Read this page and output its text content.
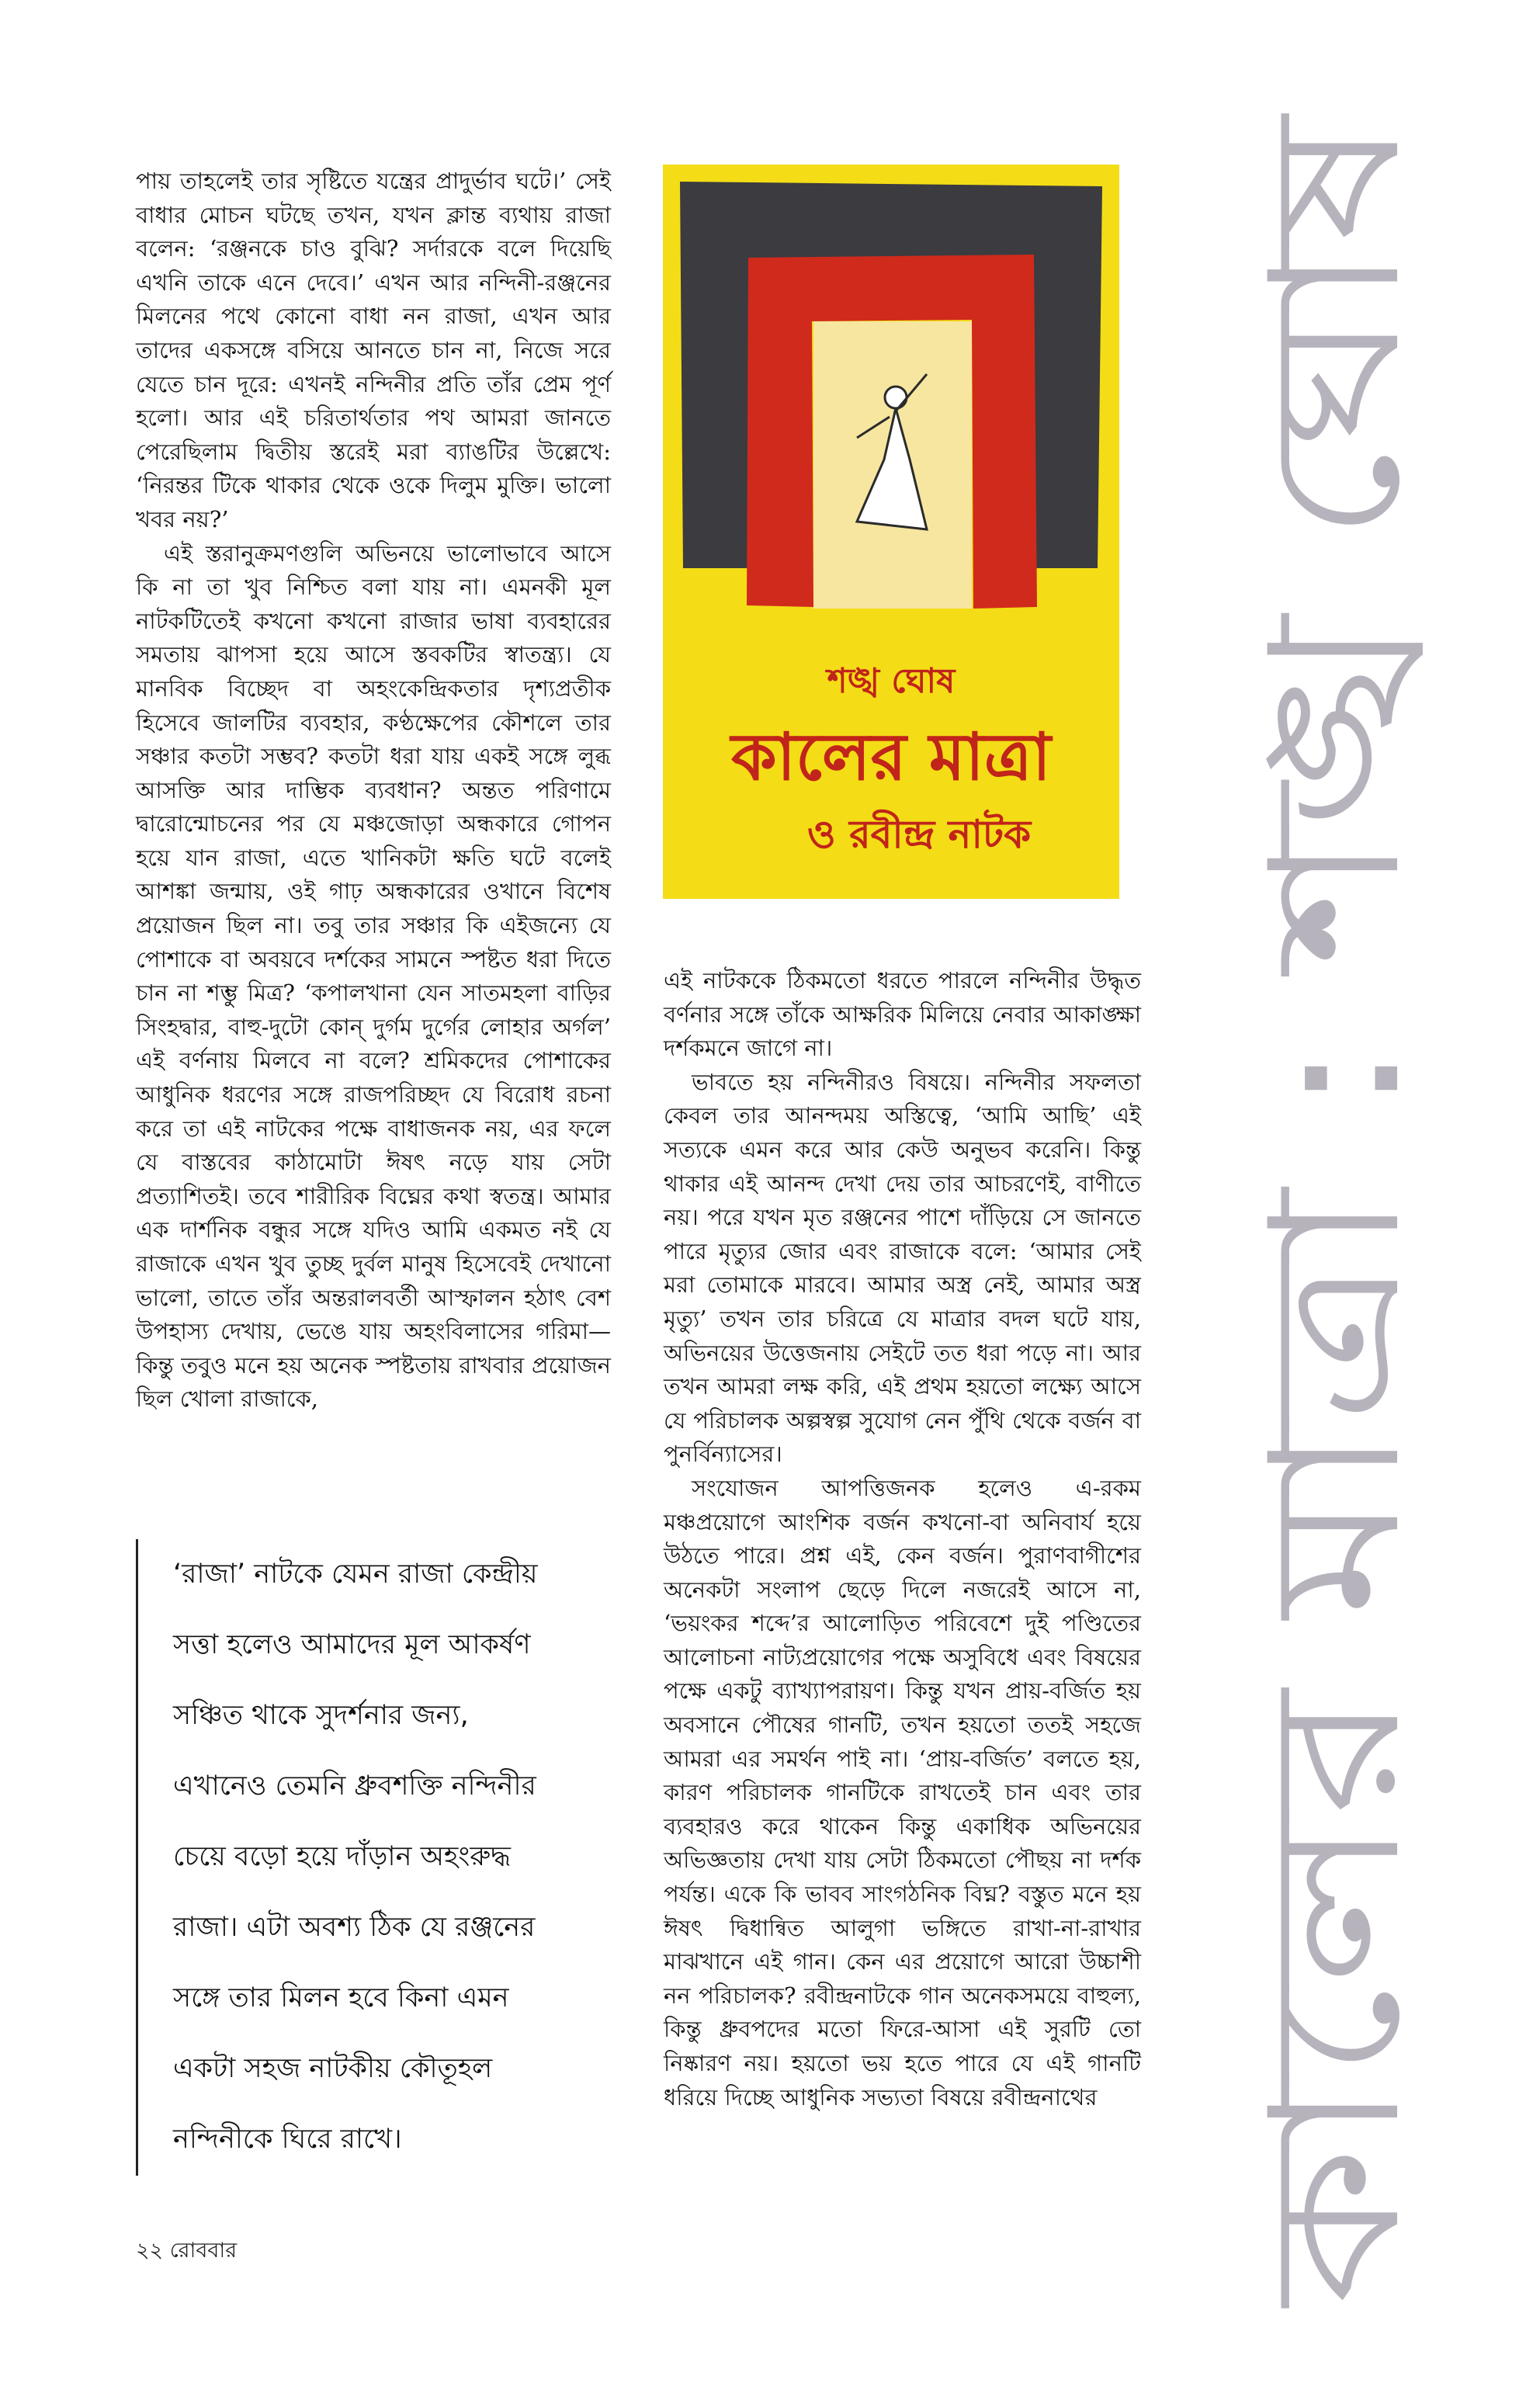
পায় তাহলেই তার সৃষ্টিতে যন্ত্রের প্রাদুর্ভাব ঘটে।’ সেই বাধার মোচন ঘটছে তখন, যখন ক্লান্ত ব্যথায় রাজা বলেন: ‘রঞ্জনকে চাও বুঝি? সর্দারকে বলে দিয়েছি এখনি তাকে এনে দেবে।’ এখন আর নন্দিনী-রঞ্জনের মিলনের পথে কোনো বাধা নন রাজা, এখন আর তাদের একসঙ্গে বসিয়ে আনতে চান না, নিজে সরে যেতে চান দূরে: এখনই নন্দিনীর প্রতি তাঁর প্রেম পূর্ণ হলো। আর এই চরিতার্থতার পথ আমরা জানতে পেরেছিলাম দ্বিতীয় স্তরেই মরা ব্যাঙটির উল্লেখে: ‘নিরন্তর টিকে থাকার থেকে ওকে দিলুম মুক্তি। ভালো খবর নয়?’

এই স্তরানুক্রমণগুলি অভিনয়ে ভালোভাবে আসে কি না তা খুব নিশ্চিত বলা যায় না। এমনকী মূল নাটকটিতেই কখনো কখনো রাজার ভাষা ব্যবহারের সমতায় ঝাপসা হয়ে আসে স্তবকটির স্বাতন্ত্র্য। যে মানবিক বিচ্ছেদ বা অহংকেন্দ্রিকতার দৃশ্যপ্রতীক হিসেবে জালটির ব্যবহার, কণ্ঠক্ষেপের কৌশলে তার সঞ্চার কতটা সম্ভব? কতটা ধরা যায় একই সঙ্গে লুব্ধ আসক্তি আর দাম্ভিক ব্যবধান? অন্তত পরিণামে দ্বারোন্মোচনের পর যে মঞ্চজোড়া অন্ধকারে গোপন হয়ে যান রাজা, এতে খানিকটা ক্ষতি ঘটে বলেই আশঙ্কা জন্মায়, ওই গাঢ় অন্ধকারের ওখানে বিশেষ প্রয়োজন ছিল না। তবু তার সঞ্চার কি এইজন্যে যে পোশাকে বা অবয়বে দর্শকের সামনে স্পষ্টত ধরা দিতে চান না শম্ভু মিত্র? ‘কপালখানা যেন সাতমহলা বাড়ির সিংহদ্বার, বাহু-দুটো কোন্ দুর্গম দুর্গের লোহার অর্গল’ এই বর্ণনায় মিলবে না বলে? শ্রমিকদের পোশাকের আধুনিক ধরণের সঙ্গে রাজপরিচ্ছদ যে বিরোধ রচনা করে তা এই নাটকের পক্ষে বাধাজনক নয়, এর ফলে যে বাস্তবের কাঠামোটা ঈষৎ নড়ে যায় সেটা প্রত্যাশিতই। তবে শারীরিক বিঘ্নের কথা স্বতন্ত্র। আমার এক দার্শনিক বন্ধুর সঙ্গে যদিও আমি একমত নই যে রাজাকে এখন খুব তুচ্ছ দুর্বল মানুষ হিসেবেই দেখানো ভালো, তাতে তাঁর অন্তরালবর্তী আস্ফালন হঠাৎ বেশ উপহাস্য দেখায়, ভেঙে যায় অহংবিলাসের গরিমা— কিন্তু তবুও মনে হয় অনেক স্পষ্টতায় রাখবার প্রয়োজন ছিল খোলা রাজাকে,

‘রাজা’ নাটকে যেমন রাজা কেন্দ্রীয়

সত্তা হলেও আমাদের মূল আকর্ষণ

সঞ্চিত থাকে সুদর্শনার জন্য,

এখানেও তেমনি ধ্রুবশক্তি নন্দিনীর

চেয়ে বড়ো হয়ে দাঁড়ান অহংরুদ্ধ

রাজা। এটা অবশ্য ঠিক যে রঞ্জনের

সঙ্গে তার মিলন হবে কিনা এমন

একটা সহজ নাটকীয় কৌতূহল

নন্দিনীকে ঘিরে রাখে।

শঙ্খ ঘোষ
কালের মাত্রা
ও রবীন্দ্র নাটক

এই নাটককে ঠিকমতো ধরতে পারলে নন্দিনীর উদ্ধৃত বর্ণনার সঙ্গে তাঁকে আক্ষরিক মিলিয়ে নেবার আকাঙ্ক্ষা দর্শকমনে জাগে না।

ভাবতে হয় নন্দিনীরও বিষয়ে। নন্দিনীর সফলতা কেবল তার আনন্দময় অস্তিত্বে, ‘আমি আছি’ এই সত্যকে এমন করে আর কেউ অনুভব করেনি। কিন্তু থাকার এই আনন্দ দেখা দেয় তার আচরণেই, বাণীতে নয়। পরে যখন মৃত রঞ্জনের পাশে দাঁড়িয়ে সে জানতে পারে মৃত্যুর জোর এবং রাজাকে বলে: ‘আমার সেই মরা তোমাকে মারবে। আমার অস্ত্র নেই, আমার অস্ত্র মৃত্যু’ তখন তার চরিত্রে যে মাত্রার বদল ঘটে যায়, অভিনয়ের উত্তেজনায় সেইটে তত ধরা পড়ে না। আর তখন আমরা লক্ষ করি, এই প্রথম হয়তো লক্ষ্যে আসে যে পরিচালক অল্পস্বল্প সুযোগ নেন পুঁথি থেকে বর্জন বা পুনর্বিন্যাসের।

সংযোজন আপত্তিজনক হলেও এ-রকম মঞ্চপ্রয়োগে আংশিক বর্জন কখনো-বা অনিবার্য হয়ে উঠতে পারে। প্রশ্ন এই, কেন বর্জন। পুরাণবাগীশের অনেকটা সংলাপ ছেড়ে দিলে নজরেই আসে না, ‘ভয়ংকর শব্দে’র আলোড়িত পরিবেশে দুই পণ্ডিতের আলোচনা নাট্যপ্রয়োগের পক্ষে অসুবিধে এবং বিষয়ের পক্ষে একটু ব্যাখ্যাপরায়ণ। কিন্তু যখন প্রায়-বর্জিত হয় অবসানে পৌষের গানটি, তখন হয়তো ততই সহজে আমরা এর সমর্থন পাই না। ‘প্রায়-বর্জিত’ বলতে হয়, কারণ পরিচালক গানটিকে রাখতেই চান এবং তার ব্যবহারও করে থাকেন কিন্তু একাধিক অভিনয়ের অভিজ্ঞতায় দেখা যায় সেটা ঠিকমতো পৌছয় না দর্শক পর্যন্ত। একে কি ভাবব সাংগঠনিক বিঘ্ন? বস্তুত মনে হয় ঈষৎ দ্বিধান্বিত আলুগা ভঙ্গিতে রাখা-না-রাখার মাঝখানে এই গান। কেন এর প্রয়োগে আরো উচ্চাশী নন পরিচালক? রবীন্দ্রনাটকে গান অনেকসময়ে বাহুল্য, কিন্তু ধ্রুবপদের মতো ফিরে-আসা এই সুরটি তো নিষ্কারণ নয়। হয়তো ভয় হতে পারে যে এই গানটি ধরিয়ে দিচ্ছে আধুনিক সভ্যতা বিষয়ে রবীন্দ্রনাথের কালের মাত্রা : শঙ্খ ঘোষ
২২ রোববার
